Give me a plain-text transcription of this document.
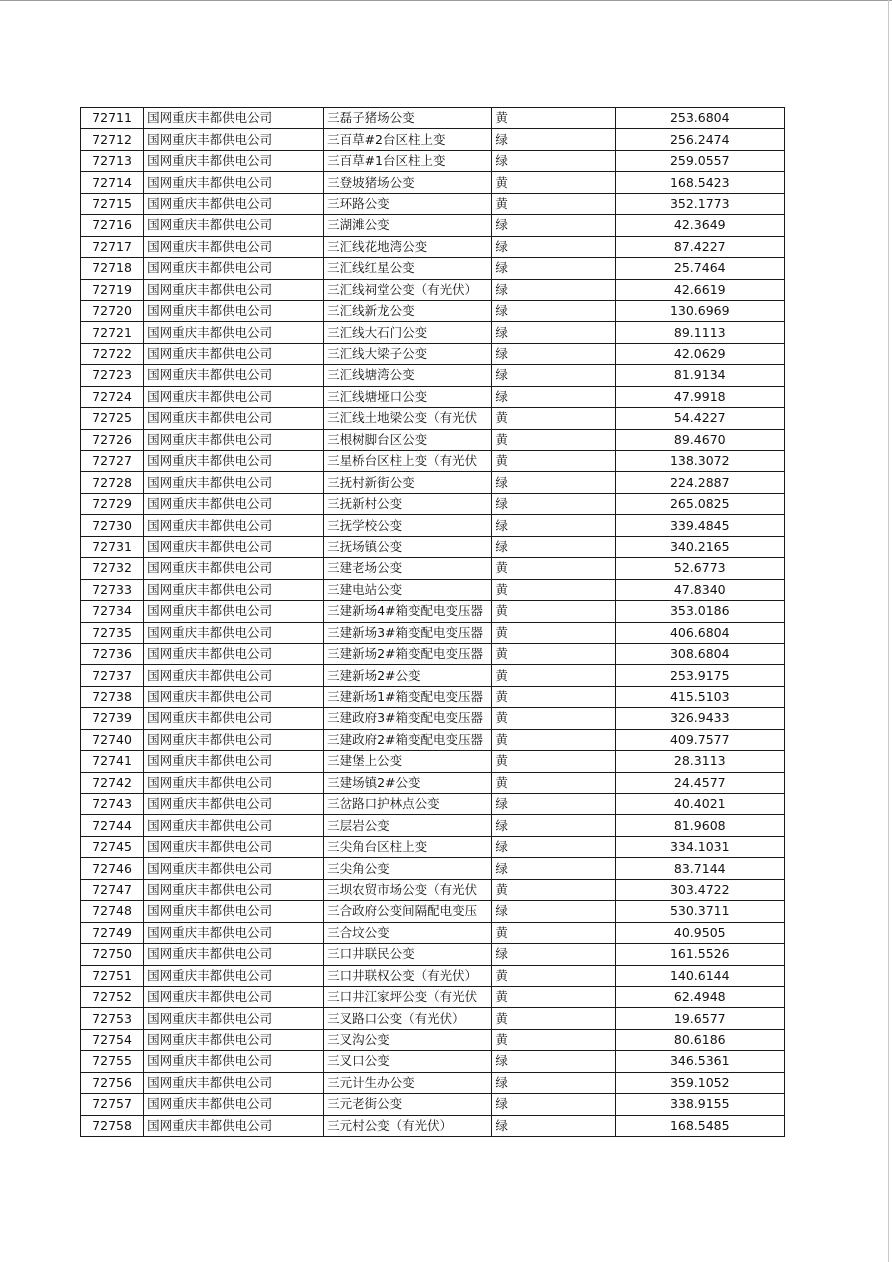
72711	国网重庆丰都供电公司	三磊子猪场公变	黄	253.6804
72712	国网重庆丰都供电公司	三百草#2台区柱上变	绿	256.2474
72713	国网重庆丰都供电公司	三百草#1台区柱上变	绿	259.0557
72714	国网重庆丰都供电公司	三登坡猪场公变	黄	168.5423
72715	国网重庆丰都供电公司	三环路公变	黄	352.1773
72716	国网重庆丰都供电公司	三湖滩公变	绿	42.3649
72717	国网重庆丰都供电公司	三汇线花地湾公变	绿	87.4227
72718	国网重庆丰都供电公司	三汇线红星公变	绿	25.7464
72719	国网重庆丰都供电公司	三汇线祠堂公变（有光伏）	绿	42.6619
72720	国网重庆丰都供电公司	三汇线新龙公变	绿	130.6969
72721	国网重庆丰都供电公司	三汇线大石门公变	绿	89.1113
72722	国网重庆丰都供电公司	三汇线大梁子公变	绿	42.0629
72723	国网重庆丰都供电公司	三汇线塘湾公变	绿	81.9134
72724	国网重庆丰都供电公司	三汇线塘垭口公变	绿	47.9918
72725	国网重庆丰都供电公司	三汇线土地梁公变（有光伏	黄	54.4227
72726	国网重庆丰都供电公司	三根树脚台区公变	黄	89.4670
72727	国网重庆丰都供电公司	三星桥台区柱上变（有光伏	黄	138.3072
72728	国网重庆丰都供电公司	三抚村新街公变	绿	224.2887
72729	国网重庆丰都供电公司	三抚新村公变	绿	265.0825
72730	国网重庆丰都供电公司	三抚学校公变	绿	339.4845
72731	国网重庆丰都供电公司	三抚场镇公变	绿	340.2165
72732	国网重庆丰都供电公司	三建老场公变	黄	52.6773
72733	国网重庆丰都供电公司	三建电站公变	黄	47.8340
72734	国网重庆丰都供电公司	三建新场4#箱变配电变压器	黄	353.0186
72735	国网重庆丰都供电公司	三建新场3#箱变配电变压器	黄	406.6804
72736	国网重庆丰都供电公司	三建新场2#箱变配电变压器	黄	308.6804
72737	国网重庆丰都供电公司	三建新场2#公变	黄	253.9175
72738	国网重庆丰都供电公司	三建新场1#箱变配电变压器	黄	415.5103
72739	国网重庆丰都供电公司	三建政府3#箱变配电变压器	黄	326.9433
72740	国网重庆丰都供电公司	三建政府2#箱变配电变压器	黄	409.7577
72741	国网重庆丰都供电公司	三建堡上公变	黄	28.3113
72742	国网重庆丰都供电公司	三建场镇2#公变	黄	24.4577
72743	国网重庆丰都供电公司	三岔路口护林点公变	绿	40.4021
72744	国网重庆丰都供电公司	三层岩公变	绿	81.9608
72745	国网重庆丰都供电公司	三尖角台区柱上变	绿	334.1031
72746	国网重庆丰都供电公司	三尖角公变	绿	83.7144
72747	国网重庆丰都供电公司	三坝农贸市场公变（有光伏	黄	303.4722
72748	国网重庆丰都供电公司	三合政府公变间隔配电变压	绿	530.3711
72749	国网重庆丰都供电公司	三合坟公变	黄	40.9505
72750	国网重庆丰都供电公司	三口井联民公变	绿	161.5526
72751	国网重庆丰都供电公司	三口井联权公变（有光伏）	黄	140.6144
72752	国网重庆丰都供电公司	三口井江家坪公变（有光伏	黄	62.4948
72753	国网重庆丰都供电公司	三叉路口公变（有光伏）	黄	19.6577
72754	国网重庆丰都供电公司	三叉沟公变	黄	80.6186
72755	国网重庆丰都供电公司	三叉口公变	绿	346.5361
72756	国网重庆丰都供电公司	三元计生办公变	绿	359.1052
72757	国网重庆丰都供电公司	三元老街公变	绿	338.9155
72758	国网重庆丰都供电公司	三元村公变（有光伏）	绿	168.5485
